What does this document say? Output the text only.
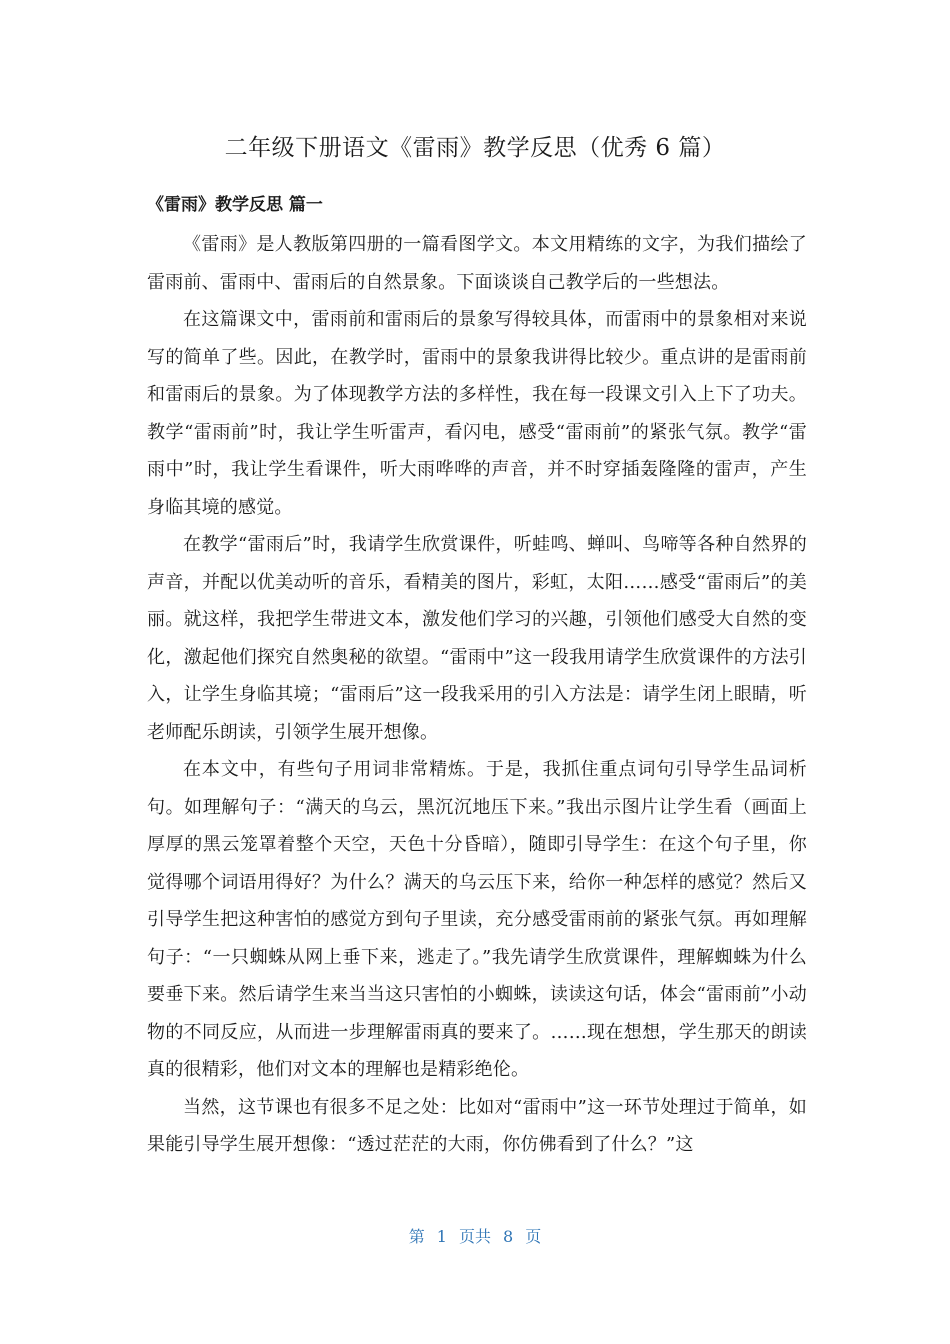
二年级下册语文《雷雨》教学反思（优秀 6 篇）
《雷雨》教学反思 篇一

《雷雨》是人教版第四册的一篇看图学文。本文用精练的文字，为我们描绘了雷雨前、雷雨中、雷雨后的自然景象。下面谈谈自己教学后的一些想法。

在这篇课文中，雷雨前和雷雨后的景象写得较具体，而雷雨中的景象相对来说写的简单了些。因此，在教学时，雷雨中的景象我讲得比较少。重点讲的是雷雨前和雷雨后的景象。为了体现教学方法的多样性，我在每一段课文引入上下了功夫。教学“雷雨前”时，我让学生听雷声，看闪电，感受“雷雨前”的紧张气氛。教学“雷雨中”时，我让学生看课件，听大雨哗哗的声音，并不时穿插轰隆隆的雷声，产生身临其境的感觉。

在教学“雷雨后”时，我请学生欣赏课件，听蛙鸣、蝉叫、鸟啼等各种自然界的声音，并配以优美动听的音乐，看精美的图片，彩虹，太阳……感受“雷雨后”的美丽。就这样，我把学生带进文本，激发他们学习的兴趣，引领他们感受大自然的变化，激起他们探究自然奥秘的欲望。“雷雨中”这一段我用请学生欣赏课件的方法引入，让学生身临其境；“雷雨后”这一段我采用的引入方法是：请学生闭上眼睛，听老师配乐朗读，引领学生展开想像。

在本文中，有些句子用词非常精炼。于是，我抓住重点词句引导学生品词析句。如理解句子：“满天的乌云，黑沉沉地压下来。”我出示图片让学生看（画面上厚厚的黑云笼罩着整个天空，天色十分昏暗），随即引导学生：在这个句子里，你觉得哪个词语用得好？为什么？满天的乌云压下来，给你一种怎样的感觉？然后又引导学生把这种害怕的感觉方到句子里读，充分感受雷雨前的紧张气氛。再如理解句子：“一只蜘蛛从网上垂下来，逃走了。”我先请学生欣赏课件，理解蜘蛛为什么要垂下来。然后请学生来当当这只害怕的小蜘蛛，读读这句话，体会“雷雨前”小动物的不同反应，从而进一步理解雷雨真的要来了。……现在想想，学生那天的朗读真的很精彩，他们对文本的理解也是精彩绝伦。

当然，这节课也有很多不足之处：比如对“雷雨中”这一环节处理过于简单，如果能引导学生展开想像：“透过茫茫的大雨，你仿佛看到了什么？”这

第 1 页共 8 页
